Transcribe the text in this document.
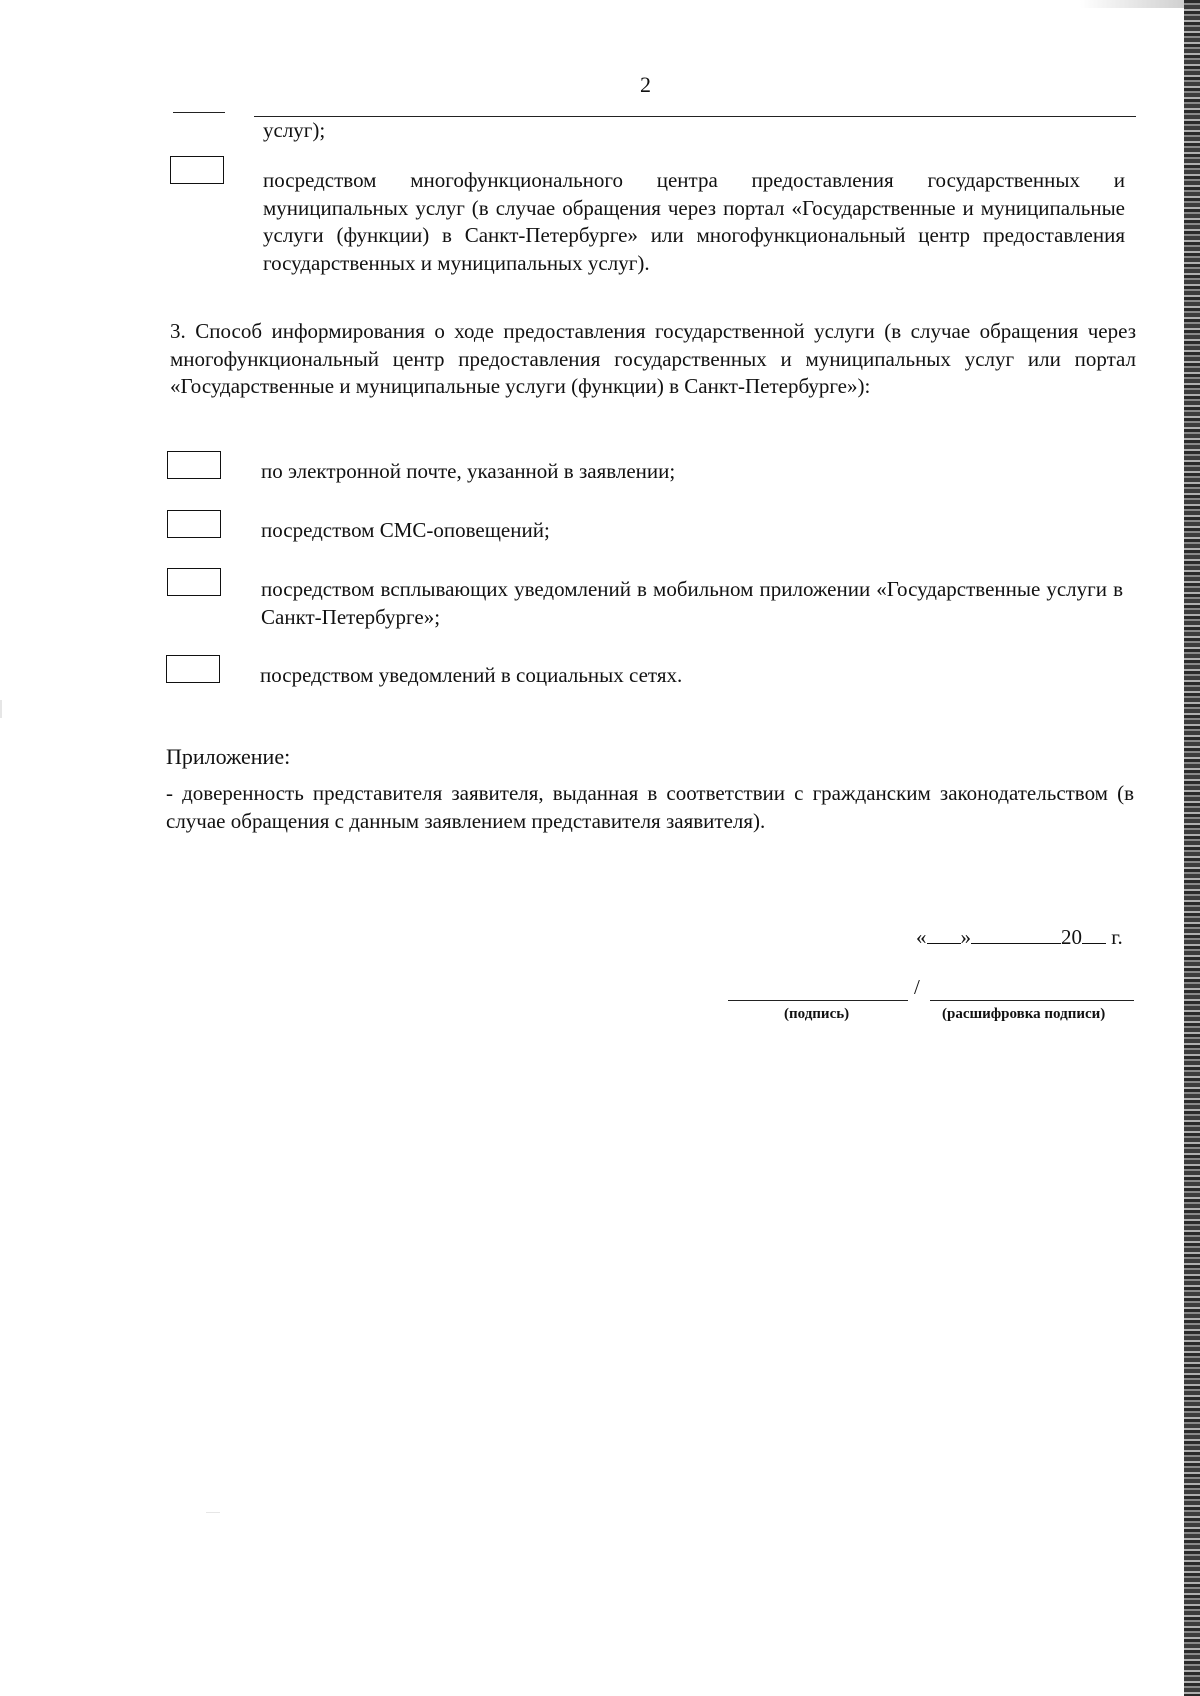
2
услуг);
посредством многофункционального центра предоставления государственных и муниципальных услуг (в случае обращения через портал «Государственные и муниципальные услуги (функции) в Санкт-Петербурге» или многофункциональный центр предоставления государственных и муниципальных услуг).
3. Способ информирования о ходе предоставления государственной услуги (в случае обращения через многофункциональный центр предоставления государственных и муниципальных услуг или портал «Государственные и муниципальные услуги (функции) в Санкт-Петербурге»):
по электронной почте, указанной в заявлении;
посредством СМС-оповещений;
посредством всплывающих уведомлений в мобильном приложении «Государственные услуги в Санкт-Петербурге»;
посредством уведомлений в социальных сетях.
Приложение:
- доверенность представителя заявителя, выданная в соответствии с гражданским законодательством (в случае обращения с данным заявлением представителя заявителя).
« »	20 г.
/
(подпись)	(расшифровка подписи)
